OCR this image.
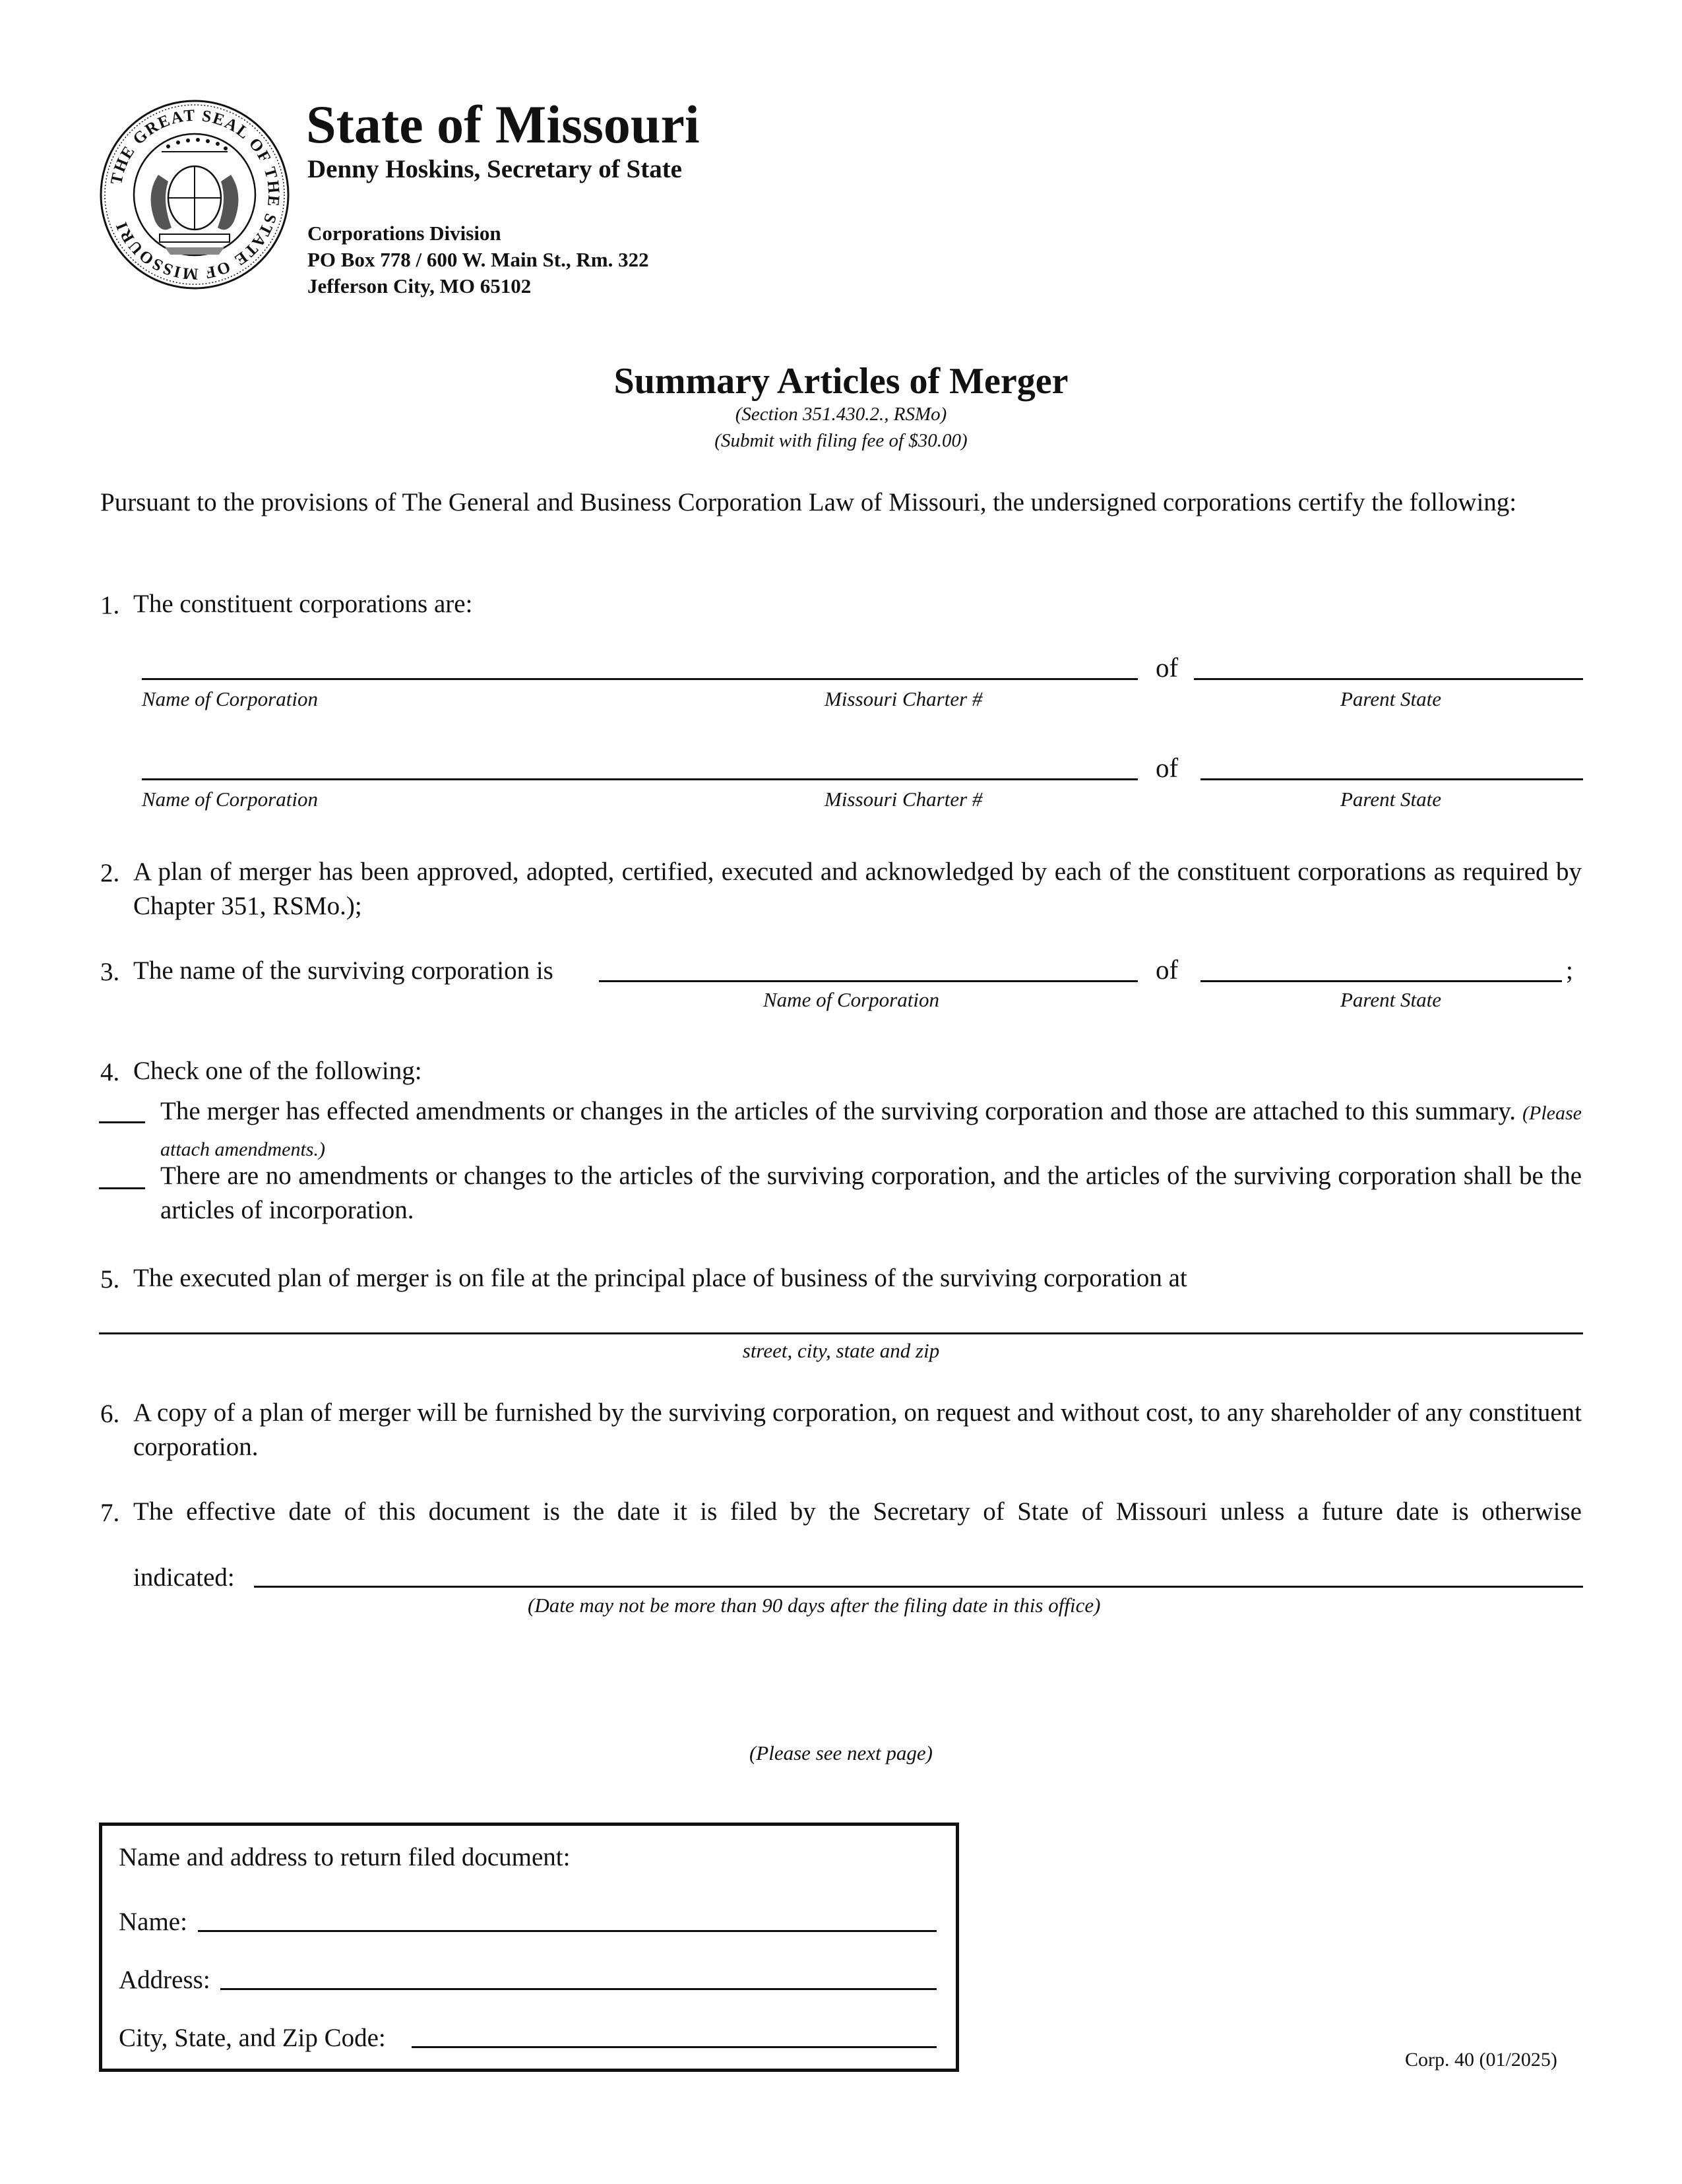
THE GREAT SEAL OF THE STATE OF MISSOURI
State of Missouri
Denny Hoskins, Secretary of State
Corporations Division
PO Box 778 / 600 W. Main St., Rm. 322
Jefferson City, MO 65102
Summary Articles of Merger
(Section 351.430.2., RSMo)
(Submit with filing fee of $30.00)
Pursuant to the provisions of The General and Business Corporation Law of Missouri, the undersigned corporations certify the following:
1. The constituent corporations are:
of
Name of Corporation	Missouri Charter #	Parent State
of
Name of Corporation	Missouri Charter #	Parent State
2. A plan of merger has been approved, adopted, certified, executed and acknowledged by each of the constituent corporations as required by Chapter 351, RSMo.);
3. The name of the surviving corporation is	of	;
Name of Corporation	Parent State
4. Check one of the following:
The merger has effected amendments or changes in the articles of the surviving corporation and those are attached to this summary. (Please attach amendments.)
There are no amendments or changes to the articles of the surviving corporation, and the articles of the surviving corporation shall be the articles of incorporation.
5. The executed plan of merger is on file at the principal place of business of the surviving corporation at
street, city, state and zip
6. A copy of a plan of merger will be furnished by the surviving corporation, on request and without cost, to any shareholder of any constituent corporation.
7. The effective date of this document is the date it is filed by the Secretary of State of Missouri unless a future date is otherwise
indicated:
(Date may not be more than 90 days after the filing date in this office)
(Please see next page)
Name and address to return filed document:
Name:
Address:
City, State, and Zip Code:
Corp. 40 (01/2025)
